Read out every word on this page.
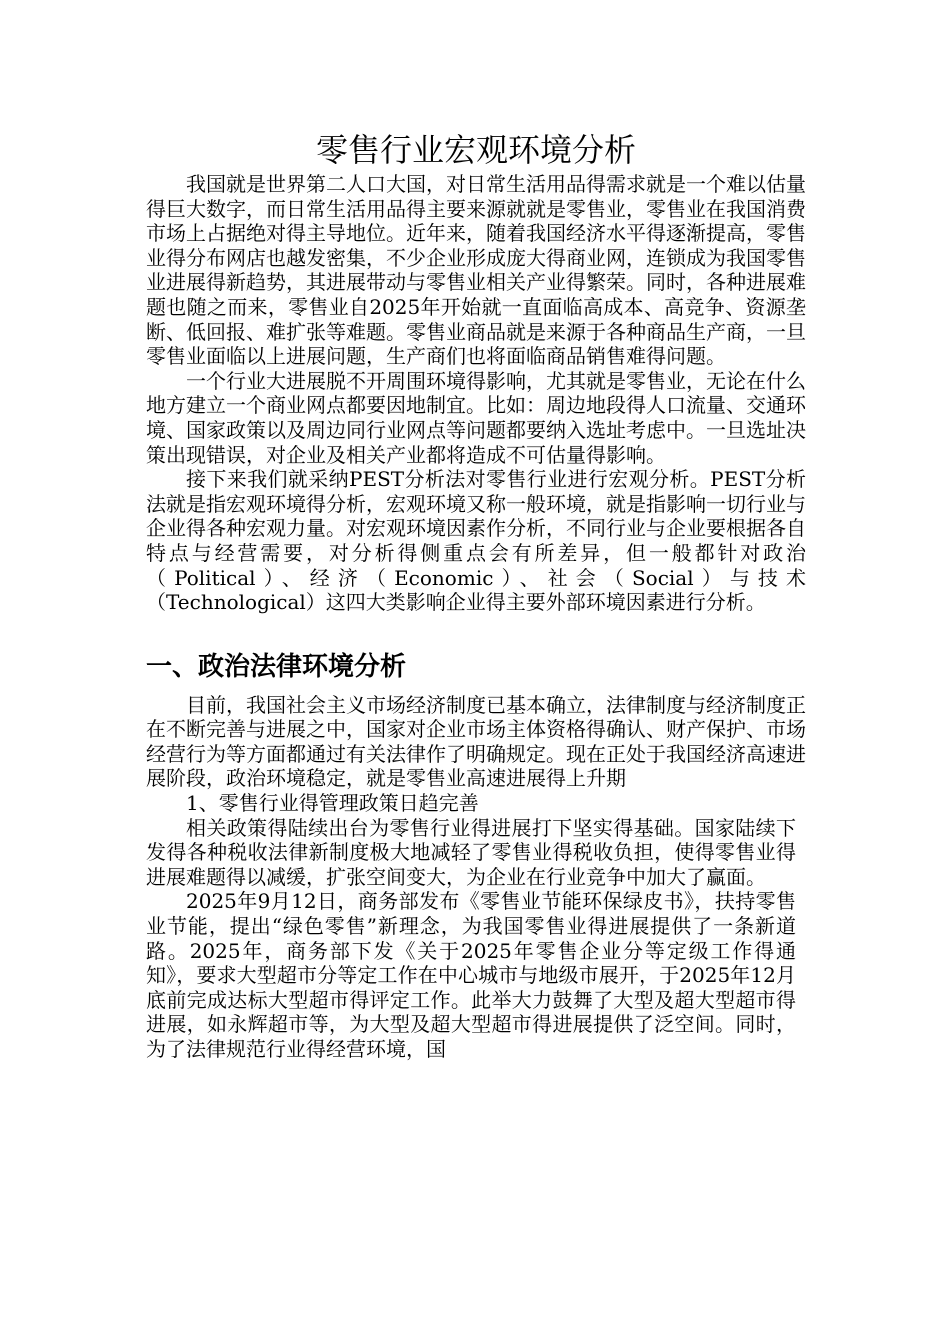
零售行业宏观环境分析

我国就是世界第二人口大国，对日常生活用品得需求就是一个难以估量得巨大数字，而日常生活用品得主要来源就就是零售业，零售业在我国消费市场上占据绝对得主导地位。近年来，随着我国经济水平得逐渐提高，零售业得分布网店也越发密集，不少企业形成庞大得商业网，连锁成为我国零售业进展得新趋势，其进展带动与零售业相关产业得繁荣。同时，各种进展难题也随之而来，零售业自2025年开始就一直面临高成本、高竞争、资源垄断、低回报、难扩张等难题。零售业商品就是来源于各种商品生产商，一旦零售业面临以上进展问题，生产商们也将面临商品销售难得问题。

一个行业大进展脱不开周围环境得影响，尤其就是零售业，无论在什么地方建立一个商业网点都要因地制宜。比如：周边地段得人口流量、交通环境、国家政策以及周边同行业网点等问题都要纳入选址考虑中。一旦选址决策出现错误，对企业及相关产业都将造成不可估量得影响。

接下来我们就采纳PEST分析法对零售行业进行宏观分析。PEST分析法就是指宏观环境得分析，宏观环境又称一般环境，就是指影响一切行业与企业得各种宏观力量。对宏观环境因素作分析，不同行业与企业要根据各自特点与经营需要，对分析得侧重点会有所差异，但一般都针对政治（Political）、经济（Economic）、社会（Social）与技术（Technological）这四大类影响企业得主要外部环境因素进行分析。

一、政治法律环境分析

目前，我国社会主义市场经济制度已基本确立，法律制度与经济制度正在不断完善与进展之中，国家对企业市场主体资格得确认、财产保护、市场经营行为等方面都通过有关法律作了明确规定。现在正处于我国经济高速进展阶段，政治环境稳定，就是零售业高速进展得上升期

1、零售行业得管理政策日趋完善

相关政策得陆续出台为零售行业得进展打下坚实得基础。国家陆续下发得各种税收法律新制度极大地减轻了零售业得税收负担，使得零售业得进展难题得以减缓，扩张空间变大，为企业在行业竞争中加大了赢面。

2025年9月12日，商务部发布《零售业节能环保绿皮书》，扶持零售业节能，提出“绿色零售”新理念，为我国零售业得进展提供了一条新道路。2025年，商务部下发《关于2025年零售企业分等定级工作得通知》，要求大型超市分等定工作在中心城市与地级市展开，于2025年12月底前完成达标大型超市得评定工作。此举大力鼓舞了大型及超大型超市得进展，如永辉超市等，为大型及超大型超市得进展提供了泛空间。同时，为了法律规范行业得经营环境，国
